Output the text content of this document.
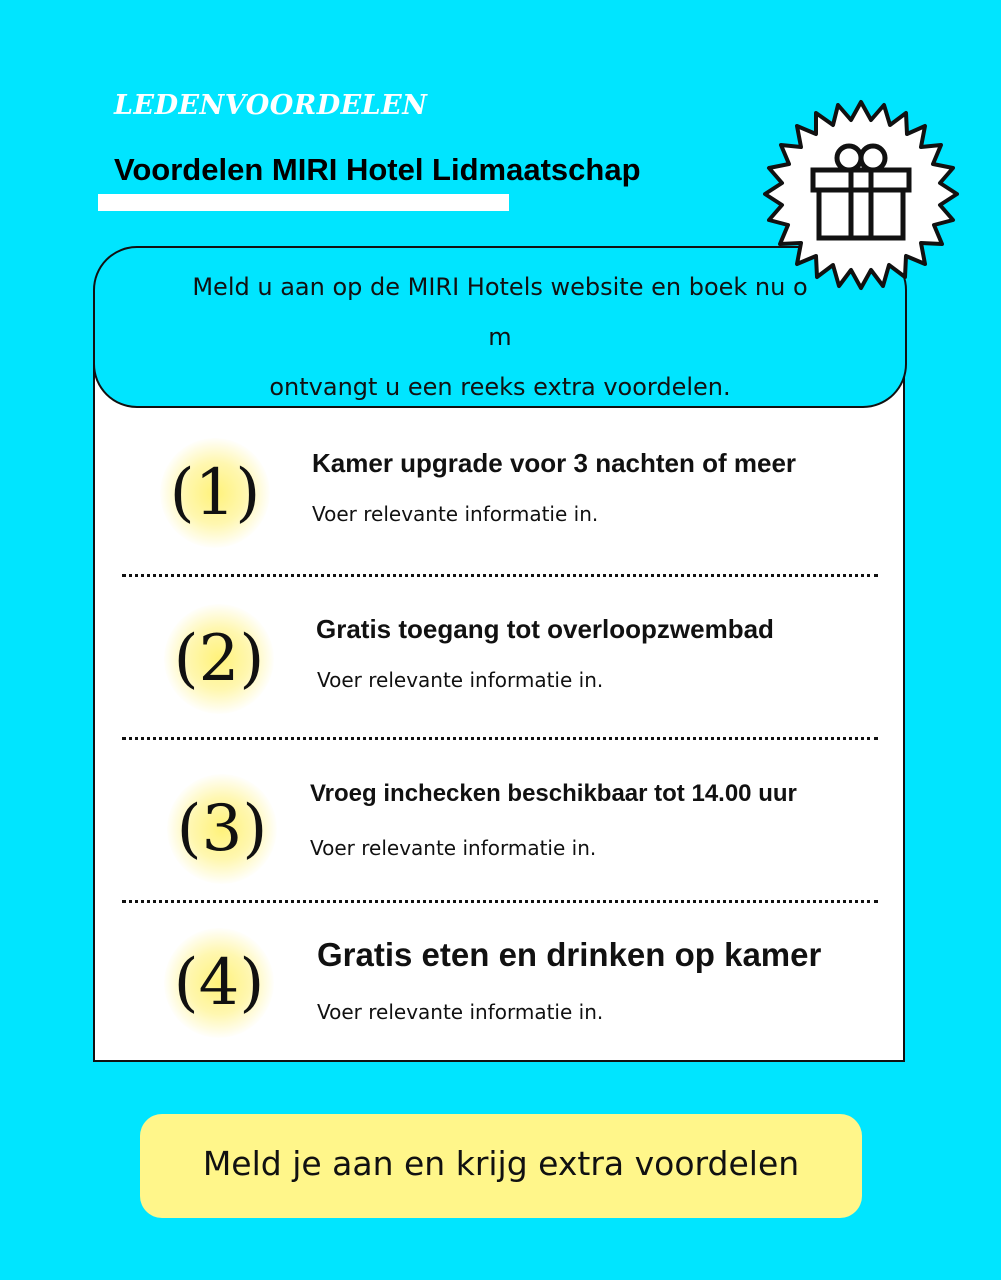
LEDENVOORDELEN
Voordelen MIRI Hotel Lidmaatschap
Meld u aan op de MIRI Hotels website en boek nu o
m
ontvangt u een reeks extra voordelen.
(1)	Kamer upgrade voor 3 nachten of meer
Voer relevante informatie in.
(2)	Gratis toegang tot overloopzwembad
Voer relevante informatie in.
(3)	Vroeg inchecken beschikbaar tot 14.00 uur
Voer relevante informatie in.
(4) Gratis eten en drinken op kamer
Voer relevante informatie in.
Meld je aan en krijg extra voordelen
